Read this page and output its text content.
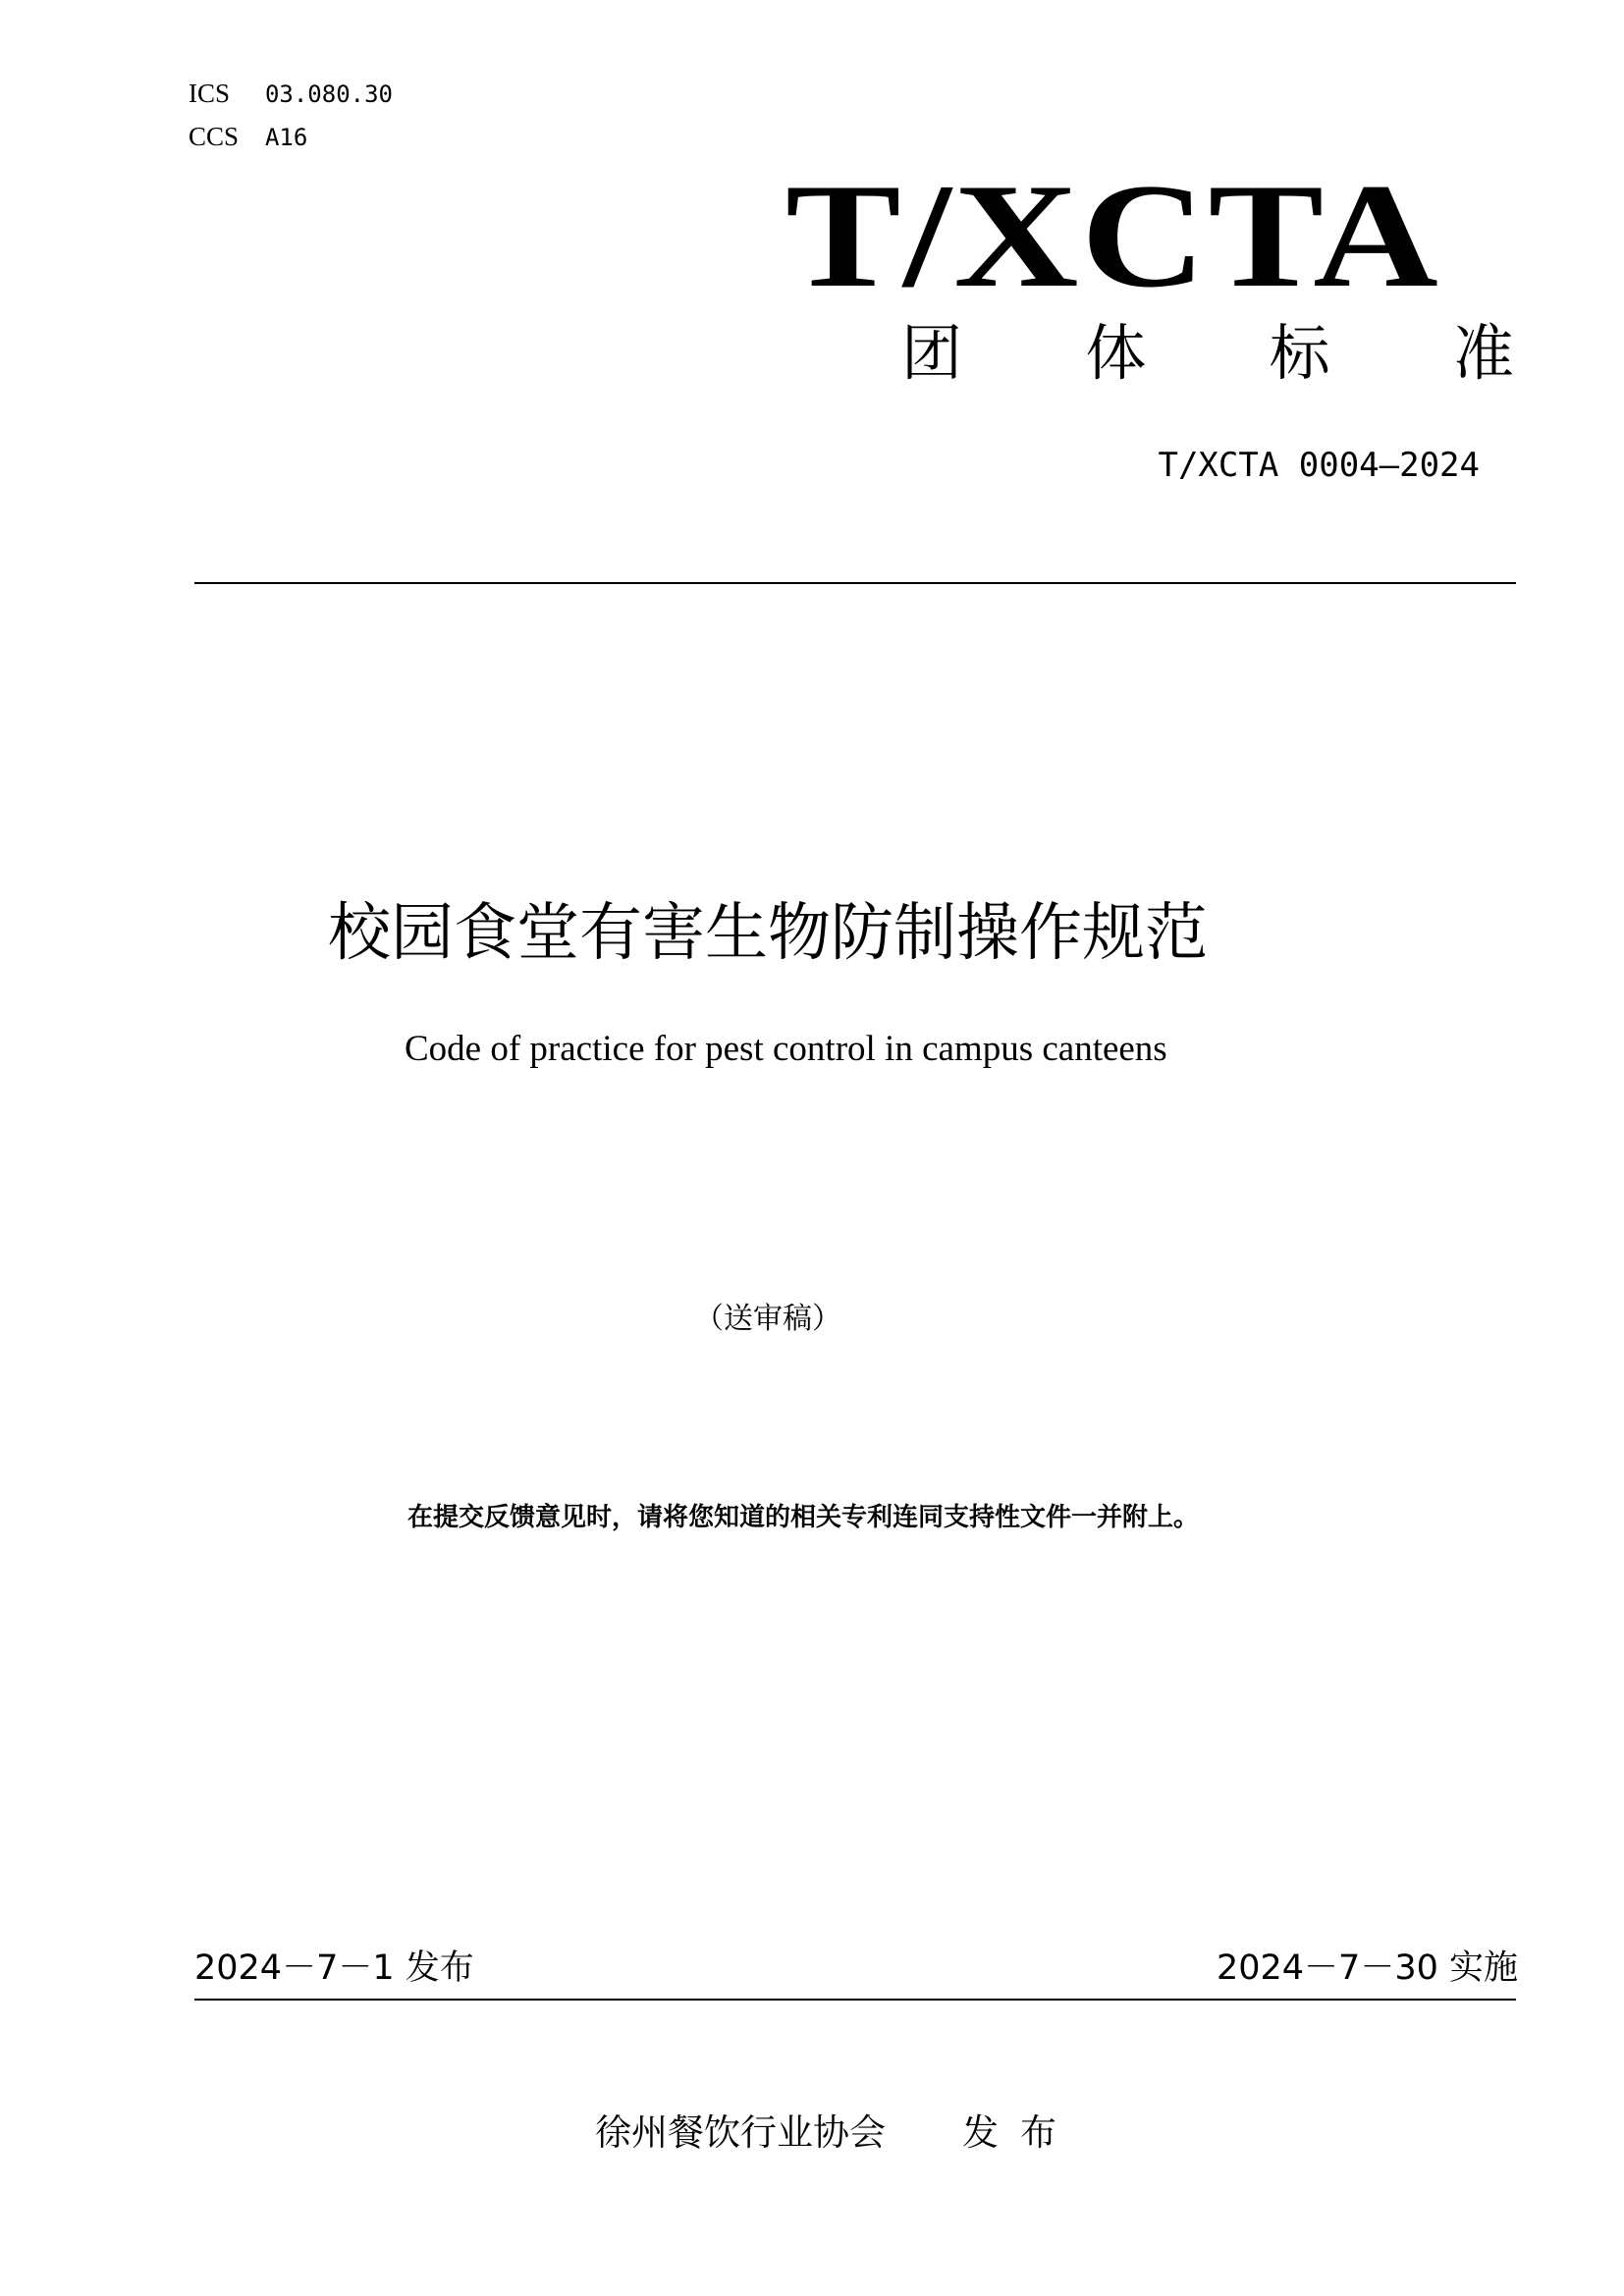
ICS 03.080.30
CCS A16
T/XCTA
团 体 标 准
T/XCTA 0004—2024
校园食堂有害生物防制操作规范
Code of practice for pest control in campus canteens
（送审稿）
在提交反馈意见时，请将您知道的相关专利连同支持性文件一并附上。
2024－7－1 发布	2024－7－30 实施
徐州餐饮行业协会 发布
